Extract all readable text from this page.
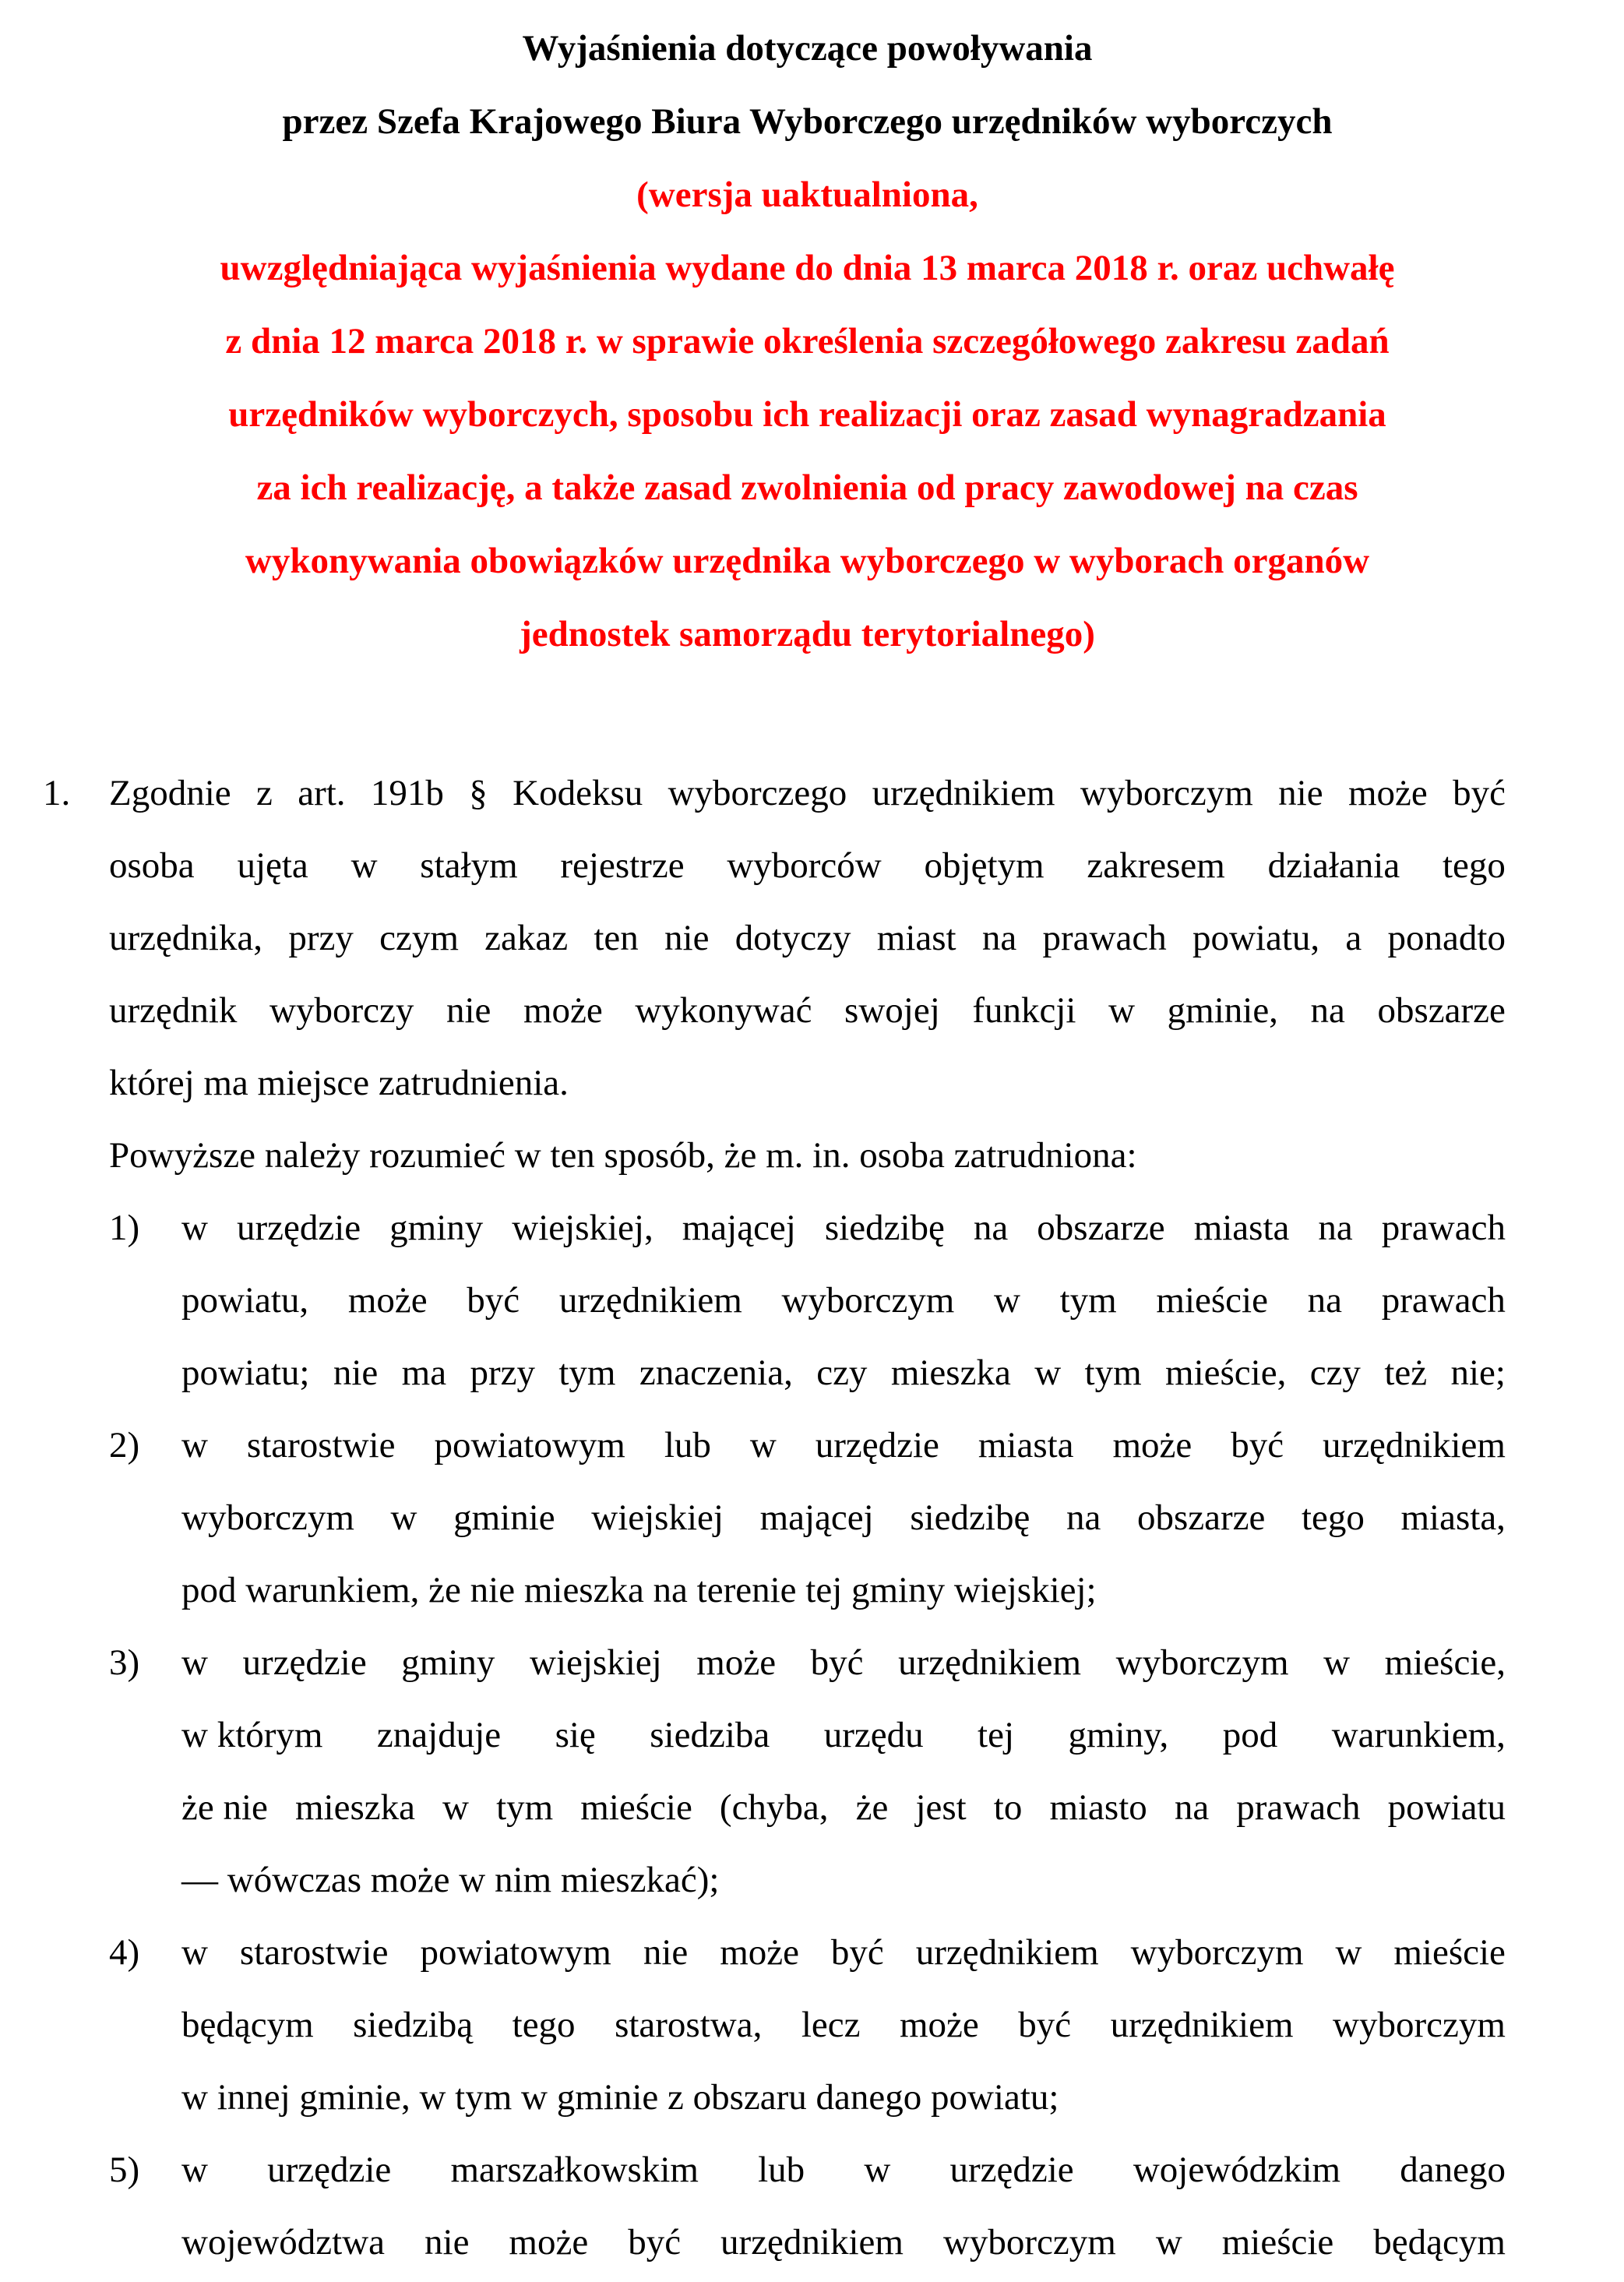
Wyjaśnienia dotyczące powoływania
przez Szefa Krajowego Biura Wyborczego urzędników wyborczych
(wersja uaktualniona,
uwzględniająca wyjaśnienia wydane do dnia 13 marca 2018 r. oraz uchwałę
z dnia 12 marca 2018 r. w sprawie określenia szczegółowego zakresu zadań
urzędników wyborczych, sposobu ich realizacji oraz zasad wynagradzania
za ich realizację, a także zasad zwolnienia od pracy zawodowej na czas
wykonywania obowiązków urzędnika wyborczego w wyborach organów
jednostek samorządu terytorialnego)
1. Zgodnie z art. 191b § Kodeksu wyborczego urzędnikiem wyborczym nie może być
osoba ujęta w stałym rejestrze wyborców objętym zakresem działania tego
urzędnika, przy czym zakaz ten nie dotyczy miast na prawach powiatu, a ponadto
urzędnik wyborczy nie może wykonywać swojej funkcji w gminie, na obszarze
której ma miejsce zatrudnienia.
Powyższe należy rozumieć w ten sposób, że m. in. osoba zatrudniona:
1) w urzędzie gminy wiejskiej, mającej siedzibę na obszarze miasta na prawach
powiatu, może być urzędnikiem wyborczym w tym mieście na prawach
powiatu; nie ma przy tym znaczenia, czy mieszka w tym mieście, czy też nie;
2) w starostwie powiatowym lub w urzędzie miasta może być urzędnikiem
wyborczym w gminie wiejskiej mającej siedzibę na obszarze tego miasta,
pod warunkiem, że nie mieszka na terenie tej gminy wiejskiej;
3) w urzędzie gminy wiejskiej może być urzędnikiem wyborczym w mieście,
w którym znajduje się siedziba urzędu tej gminy, pod warunkiem,
że nie mieszka w tym mieście (chyba, że jest to miasto na prawach powiatu
— wówczas może w nim mieszkać);
4) w starostwie powiatowym nie może być urzędnikiem wyborczym w mieście
będącym siedzibą tego starostwa, lecz może być urzędnikiem wyborczym
w innej gminie, w tym w gminie z obszaru danego powiatu;
5) w urzędzie marszałkowskim lub w urzędzie wojewódzkim danego
województwa nie może być urzędnikiem wyborczym w mieście będącym
